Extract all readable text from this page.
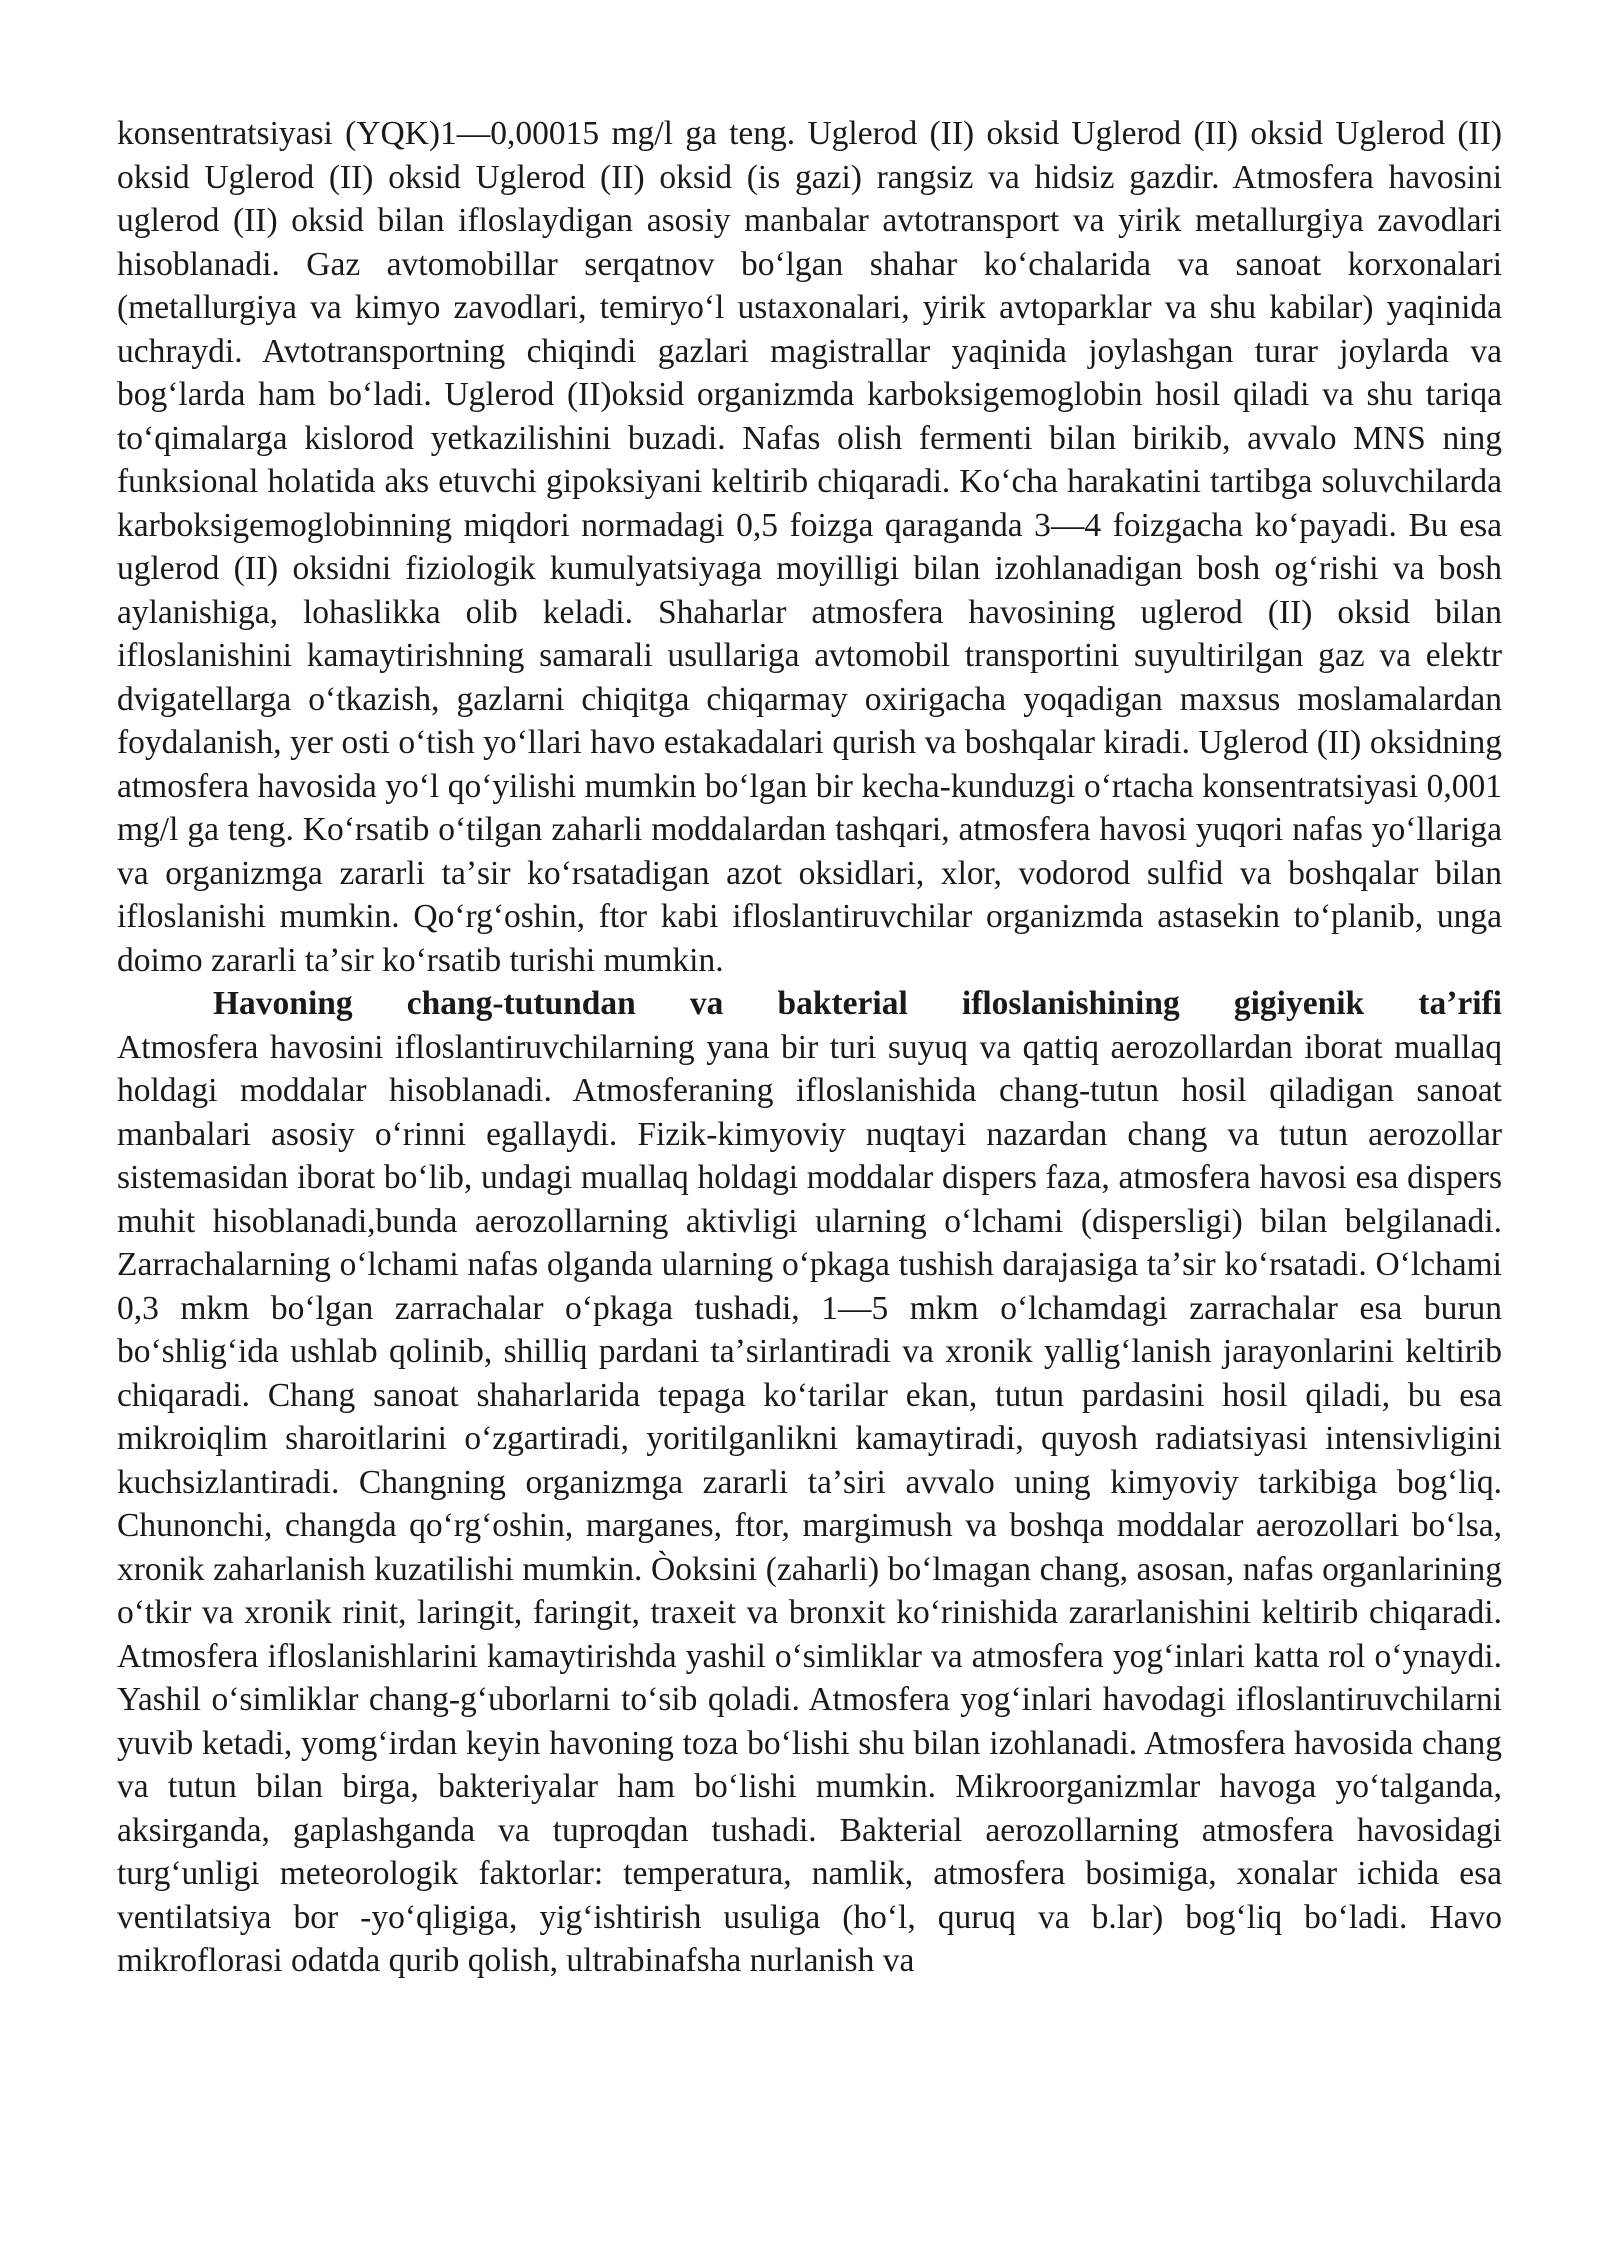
konsentratsiyasi (YQK)1—0,00015 mg/l ga teng. Uglerod (II) oksid Uglerod (II) oksid Uglerod (II) oksid Uglerod (II) oksid Uglerod (II) oksid (is gazi) rangsiz va hidsiz gazdir. Atmosfera havosini uglerod (II) oksid bilan ifloslaydigan asosiy manbalar avtotransport va yirik metallurgiya zavodlari hisoblanadi. Gaz avtomobillar serqatnov boʻlgan shahar koʻchalarida va sanoat korxonalari (metallurgiya va kimyo zavodlari, temiryoʻl ustaxonalari, yirik avtoparklar va shu kabilar) yaqinida uchraydi. Avtotransportning chiqindi gazlari magistrallar yaqinida joylashgan turar joylarda va bogʻlarda ham boʻladi. Uglerod (II)oksid organizmda karboksigemoglobin hosil qiladi va shu tariqa toʻqimalarga kislorod yetkazilishini buzadi. Nafas olish fermenti bilan birikib, avvalo MNS ning funksional holatida aks etuvchi gipoksiyani keltirib chiqaradi. Koʻcha harakatini tartibga soluvchilarda karboksigemoglobinning miqdori normadagi 0,5 foizga qaraganda 3—4 foizgacha koʻpayadi. Bu esa uglerod (II) oksidni fiziologik kumulyatsiyaga moyilligi bilan izohlanadigan bosh ogʻrishi va bosh aylanishiga, lohaslikka olib keladi. Shaharlar atmosfera havosining uglerod (II) oksid bilan ifloslanishini kamaytirishning samarali usullariga avtomobil transportini suyultirilgan gaz va elektr dvigatellarga oʻtkazish, gazlarni chiqitga chiqarmay oxirigacha yoqadigan maxsus moslamalardan foydalanish, yer osti oʻtish yoʻllari havo estakadalari qurish va boshqalar kiradi. Uglerod (II) oksidning atmosfera havosida yoʻl qoʻyilishi mumkin boʻlgan bir kecha-kunduzgi oʻrtacha konsentratsiyasi 0,001 mg/l ga teng. Koʻrsatib oʻtilgan zaharli moddalardan tashqari, atmosfera havosi yuqori nafas yoʻllariga va organizmga zararli taʼsir koʻrsatadigan azot oksidlari, xlor, vodorod sulfid va boshqalar bilan ifloslanishi mumkin. Qoʻrgʻoshin, ftor kabi ifloslantiruvchilar organizmda astasekin toʻplanib, unga doimo zararli taʼsir koʻrsatib turishi mumkin.

Havoning chang-tutundan va bakterial ifloslanishining gigiyenik taʼrifi

Atmosfera havosini ifloslantiruvchilarning yana bir turi suyuq va qattiq aerozollardan iborat muallaq holdagi moddalar hisoblanadi. Atmosferaning ifloslanishida chang-tutun hosil qiladigan sanoat manbalari asosiy oʻrinni egallaydi. Fizik-kimyoviy nuqtayi nazardan chang va tutun aerozollar sistemasidan iborat boʻlib, undagi muallaq holdagi moddalar dispers faza, atmosfera havosi esa dispers muhit hisoblanadi,bunda aerozollarning aktivligi ularning oʻlchami (dispersligi) bilan belgilanadi. Zarrachalarning oʻlchami nafas olganda ularning oʻpkaga tushish darajasiga taʼsir koʻrsatadi. Oʻlchami 0,3 mkm boʻlgan zarrachalar oʻpkaga tushadi, 1—5 mkm oʻlchamdagi zarrachalar esa burun boʻshligʻida ushlab qolinib, shilliq pardani taʼsirlantiradi va xronik yalligʻlanish jarayonlarini keltirib chiqaradi. Chang sanoat shaharlarida tepaga koʻtarilar ekan, tutun pardasini hosil qiladi, bu esa mikroiqlim sharoitlarini oʻzgartiradi, yoritilganlikni kamaytiradi, quyosh radiatsiyasi intensivligini kuchsizlantiradi. Changning organizmga zararli taʼsiri avvalo uning kimyoviy tarkibiga bogʻliq. Chunonchi, changda qoʻrgʻoshin, marganes, ftor, margimush va boshqa moddalar aerozollari boʻlsa, xronik zaharlanish kuzatilishi mumkin. Òoksini (zaharli) boʻlmagan chang, asosan, nafas organlarining oʻtkir va xronik rinit, laringit, faringit, traxeit va bronxit koʻrinishida zararlanishini keltirib chiqaradi. Atmosfera ifloslanishlarini kamaytirishda yashil oʻsimliklar va atmosfera yogʻinlari katta rol oʻynaydi. Yashil oʻsimliklar chang-gʻuborlarni toʻsib qoladi. Atmosfera yogʻinlari havodagi ifloslantiruvchilarni yuvib ketadi, yomgʻirdan keyin havoning toza boʻlishi shu bilan izohlanadi. Atmosfera havosida chang va tutun bilan birga, bakteriyalar ham boʻlishi mumkin. Mikroorganizmlar havoga yoʻtalganda, aksirganda, gaplashganda va tuproqdan tushadi. Bakterial aerozollarning atmosfera havosidagi turgʻunligi meteorologik faktorlar: temperatura, namlik, atmosfera bosimiga, xonalar ichida esa ventilatsiya bor -yoʻqligiga, yigʻishtirish usuliga (hoʻl, quruq va b.lar) bogʻliq boʻladi. Havo mikroflorasi odatda qurib qolish, ultrabinafsha nurlanish va
